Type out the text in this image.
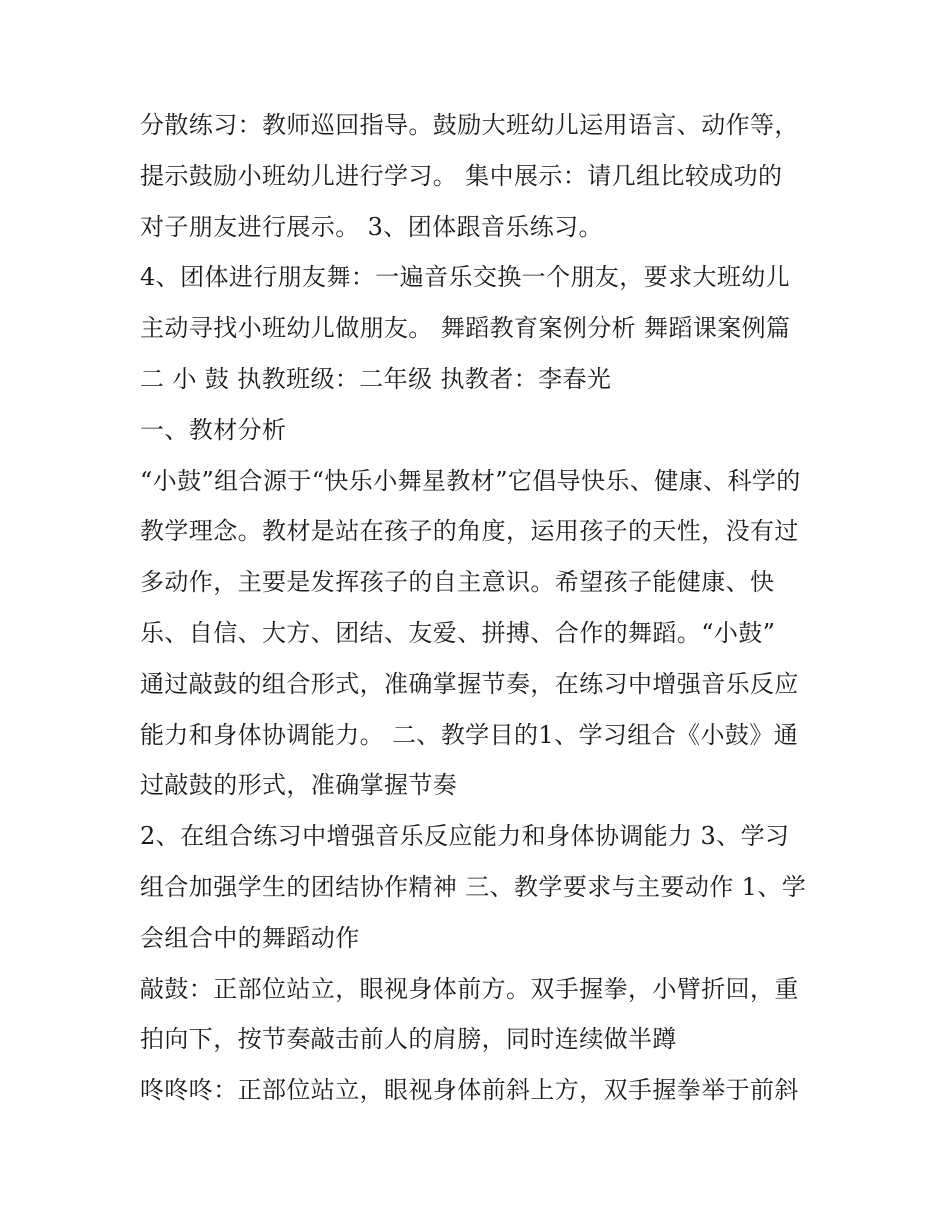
分散练习：教师巡回指导。鼓励大班幼儿运用语言、动作等，
提示鼓励小班幼儿进行学习。 集中展示：请几组比较成功的
对子朋友进行展示。 3、团体跟音乐练习。
4、团体进行朋友舞：一遍音乐交换一个朋友，要求大班幼儿
主动寻找小班幼儿做朋友。 舞蹈教育案例分析 舞蹈课案例篇
二 小 鼓 执教班级：二年级 执教者：李春光
一、教材分析
“小鼓”组合源于“快乐小舞星教材”它倡导快乐、健康、科学的
教学理念。教材是站在孩子的角度，运用孩子的天性，没有过
多动作，主要是发挥孩子的自主意识。希望孩子能健康、快
乐、自信、大方、团结、友爱、拼搏、合作的舞蹈。“小鼓”
通过敲鼓的组合形式，准确掌握节奏，在练习中增强音乐反应
能力和身体协调能力。 二、教学目的1、学习组合《小鼓》通
过敲鼓的形式，准确掌握节奏
2、在组合练习中增强音乐反应能力和身体协调能力 3、学习
组合加强学生的团结协作精神 三、教学要求与主要动作 1、学
会组合中的舞蹈动作
敲鼓：正部位站立，眼视身体前方。双手握拳，小臂折回，重
拍向下，按节奏敲击前人的肩膀，同时连续做半蹲
咚咚咚：正部位站立，眼视身体前斜上方，双手握拳举于前斜
